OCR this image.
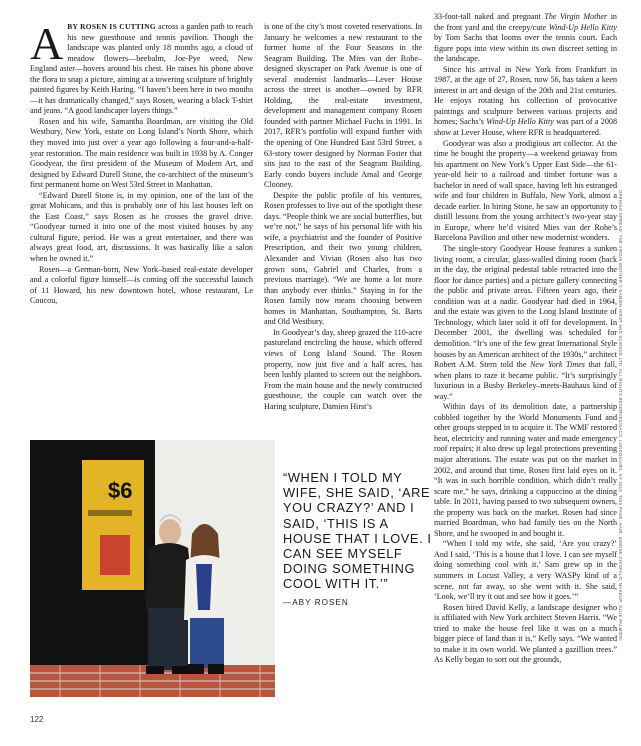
ABY ROSEN IS CUTTING across a garden path to reach his new guesthouse and tennis pavilion. Though the landscape was planted only 18 months ago, a cloud of meadow flowers—beebalm, Joe-Pye weed, New England aster—hovers around his chest. He raises his phone above the flora to snap a picture, aiming at a towering sculpture of brightly painted figures by Keith Haring. “I haven’t been here in two months—it has dramatically changed,” says Rosen, wearing a black T-shirt and jeans. “A good landscaper layers things.”

Rosen and his wife, Samantha Boardman, are visiting the Old Westbury, New York, estate on Long Island’s North Shore, which they moved into just over a year ago following a four-and-a-half-year restoration. The main residence was built in 1938 by A. Conger Goodyear, the first president of the Museum of Modern Art, and designed by Edward Durell Stone, the co-architect of the museum’s first permanent home on West 53rd Street in Manhattan.

“Edward Durell Stone is, in my opinion, one of the last of the great Mohicans, and this is probably one of his last houses left on the East Coast,” says Rosen as he crosses the gravel drive. “Goodyear turned it into one of the most visited houses by any cultural figure, period. He was a great entertainer, and there was always great food, art, discussions. It was basically like a salon when he owned it.”

Rosen—a German-born, New York–based real-estate developer and a colorful figure himself—is coming off the successful launch of 11 Howard, his new downtown hotel, whose restaurant, Le Coucou,

is one of the city’s most coveted reservations. In January he welcomes a new restaurant to the former home of the Four Seasons in the Seagram Building. The Mies van der Rohe–designed skyscraper on Park Avenue is one of several modernist landmarks—Lever House across the street is another—owned by RFR Holding, the real-estate investment, development and management company Rosen founded with partner Michael Fuchs in 1991. In 2017, RFR’s portfolio will expand further with the opening of One Hundred East 53rd Street, a 63-story tower designed by Norman Foster that sits just to the east of the Seagram Building. Early condo buyers include Amal and George Clooney.

Despite the public profile of his ventures, Rosen professes to live out of the spotlight these days. “People think we are social butterflies, but we’re not,” he says of his personal life with his wife, a psychiatrist and the founder of Positive Prescription, and their two young children, Alexander and Vivian (Rosen also has two grown sons, Gabriel and Charles, from a previous marriage). “We are home a lot more than anybody ever thinks.” Staying in for the Rosen family now means choosing between homes in Manhattan, Southampton, St. Barts and Old Westbury.

In Goodyear’s day, sheep grazed the 110-acre pastureland encircling the house, which offered views of Long Island Sound. The Rosen property, now just five and a half acres, has been lushly planted to screen out the neighbors. From the main house and the newly constructed guesthouse, the couple can watch over the Haring sculpture, Damien Hirst’s

33-foot-tall naked and pregnant The Virgin Mother in the front yard and the creepy/cute Wind-Up Hello Kitty by Tom Sachs that looms over the tennis court. Each figure pops into view within its own discreet setting in the landscape.

Since his arrival in New York from Frankfurt in 1987, at the age of 27, Rosen, now 56, has taken a keen interest in art and design of the 20th and 21st centuries. He enjoys rotating his collection of provocative paintings and sculpture between various projects and homes; Sachs’s Wind-Up Hello Kitty was part of a 2008 show at Lever House, where RFR is headquartered.

Goodyear was also a prodigious art collector. At the time he bought the property—a weekend getaway from his apartment on New York’s Upper East Side—the 61-year-old heir to a railroad and timber fortune was a bachelor in need of wall space, having left his estranged wife and four children in Buffalo, New York, almost a decade earlier. In hiring Stone, he saw an opportunity to distill lessons from the young architect’s two-year stay in Europe, where he’d visited Mies van der Rohe’s Barcelona Pavilion and other new modernist wonders.

The single-story Goodyear House features a sunken living room, a circular, glass-walled dining room (back in the day, the original pedestal table retracted into the floor for dance parties) and a picture gallery connecting the public and private areas. Fifteen years ago, their condition was at a nadir. Goodyear had died in 1964, and the estate was given to the Long Island Institute of Technology, which later sold it off for development. In December 2001, the dwelling was scheduled for demolition. “It’s one of the few great International Style houses by an American architect of the 1930s,” architect Robert A.M. Stern told the New York Times that fall, when plans to raze it became public. “It’s surprisingly luxurious in a Busby Berkeley–meets-Bauhaus kind of way.”

Within days of its demolition date, a partnership cobbled together by the World Monuments Fund and other groups stepped in to acquire it. The WMF restored heat, electricity and running water and made emergency roof repairs; it also drew up legal protections preventing major alterations. The estate was put on the market in 2002, and around that time, Rosen first laid eyes on it. “It was in such horrible condition, which didn’t really scare me,” he says, drinking a cappuccino at the dining table. In 2011, having passed to two subsequent owners, the property was back on the market. Rosen had since married Boardman, who had family ties on the North Shore, and he swooped in and bought it.

“When I told my wife, she said, ‘Are you crazy?’ And I said, ‘This is a house that I love. I can see myself doing something cool with it.’ Sam grew up in the summers in Locust Valley, a very WASPy kind of a scene, not far away, so she went with it. She said, ‘Look, we’ll try it out and see how it goes.’”

Rosen hired David Kelly, a landscape designer who is affiliated with New York architect Steven Harris. “We tried to make the house feel like it was on a much bigger piece of land than it is,” Kelly says. “We wanted to make it its own world. We planted a gazillion trees.” As Kelly began to sort out the grounds,

$6
“WHEN I TOLD MY WIFE, SHE SAID, ‘ARE YOU CRAZY?’ AND I SAID, ‘THIS IS A HOUSE THAT I LOVE. I CAN SEE MYSELF DOING SOMETHING COOL WITH IT.’”
—ABY ROSEN
122
OPENING SPREAD: THE VIRGIN MOTHER © DAMIEN HIRST AND SCIENCE LTD. ALL RIGHTS RESERVED/DACS, LONDON/ARS, NY 2016. THIS PAGE: HAIR, SIMONE CHIOFALO; MAKEUP, JULIE PALMIERI
